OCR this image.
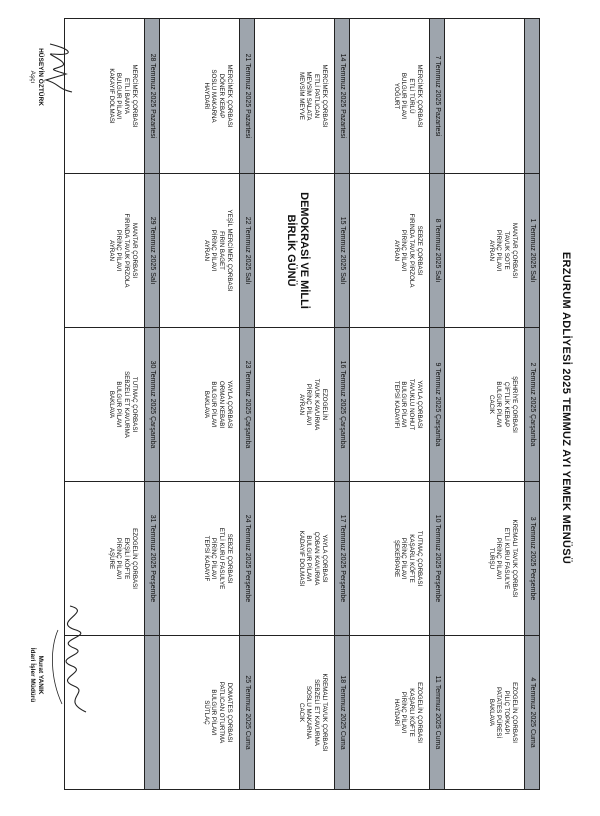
ERZURUM ADLİYESİ 2025 TEMMUZ AYI YEMEK MENÜSÜ
1 Temmuz 2025 Salı
2 Temmuz 2025 Çarşamba
3 Temmuz 2025 Perşembe
4 Temmuz 2025 Cuma
MANTAR ÇORBASI
TAVUK SOTE
PİRİNÇ PİLAVI
AYRAN
ŞEHRİYE ÇORBASI
ÇİFTLİK KEBAP
BULGUR PİLAVI
CACIK
KREMALI TAVUK ÇORBASI
ETLİ KURU FASULYE
PİRİNÇ PİLAVI
TURŞU
EZOGELİN ÇORBASI
PİLİÇ TOPKAPI
PATATES PÜRESİ
BAKLAVA
7 Temmuz 2025 Pazartesi
8 Temmuz 2025 Salı
9 Temmuz 2025 Çarşamba
10 Temmuz 2025 Perşembe
11 Temmuz 2025 Cuma
MERCİMEK ÇORBASI
ETLİ TÜRLÜ
BULGUR PİLAVI
YOĞURT
SEBZE ÇORBASI
FIRINDA TAVUK PİRZOLA
PİRİNÇ PİLAVI
AYRAN
YAYLA ÇORBASI
TAVUKLU NOHUT
BULGUR PİLAVI
TEPSİ KADAYIFI
TUTMAÇ ÇORBASI
KAŞARLI KÖFTE
PİRİNÇ PİLAVI
ŞEKERPARE
EZOGELİN ÇORBASI
KAŞARLI KÖFTE
PİRİNÇ PİLAVI
HAYDARİ
14 Temmuz 2025 Pazartesi
15 Temmuz 2025 Salı
16 Temmuz 2025 Çarşamba
17 Temmuz 2025 Perşembe
18 Temmuz 2025 Cuma
MERCİMEK ÇORBASI
ETLİ PATLICAN
MEVSİM SALATA
MEVSİM MEYVE
DEMOKRASİ VE MİLLİ
BİRLİK GÜNÜ
EZOGELİN
TAVUK KAVURMA
PİRİNÇ PİLAVI
AYRAN
YAYLA ÇORBASI
ÇOBAN KAVURMA
BULGUR PİLAVI
KADAYIF DOLMASI
KREMALI TAVUK ÇORBASI
SEBZELİ ET KAVURMA
SOSLU MAKARNA
CACIK
21 Temmuz 2025 Pazartesi
22 Temmuz 2025 Salı
23 Temmuz 2025 Çarşamba
24 Temmuz 2025 Perşembe
25 Temmuz 2025 Cuma
MERCİMEK ÇORBASI
DÖNER KEBAP
SOSLU MAKARNA
HAYDARİ
YEŞİL MERCİMEK ÇORBASI
FIRIN BAGET
PİRİNÇ PİLAVI
AYRAN
YAYLA ÇORBASI
ORMAN KEBABI
BULGUR PİLAVI
BAKLAVA
SEBZE ÇORBASI
ETLİ KURU FASULYE
PİRİNÇ PİLAVI
TEPSİ KADAYIF
DOMATES ÇORBASI
PATLICAN OTURTMA
BULGUR PİLAVI
SÜTLAÇ
28 Temmuz 2025 Pazartesi
29 Temmuz 2025 Salı
30 Temmuz 2025 Çarşamba
31 Temmuz 2025 Perşembe
MERCİMEK ÇORBASI
ETLİ BAMYA
BULGUR PİLAVI
KAKAYIF DOLMASI
MANTAR ÇORBASI
FIRINDA TAVUK PİRZOLA
PİRİNÇ PİLAVI
AYRAN
TUTMAÇ ÇORBASI
SEBZELİ ET KAVURMA
BULGUR PİLAVI
BAKLAVA
EZOGELİN ÇORBASI
EKŞİLİ KÖFTE
PİRİNÇ PİLAVI
AŞURE
HÜSEYİN ÖZTÜRK
Aşçı
Murat YANIK
İdari İşler Müdürü
